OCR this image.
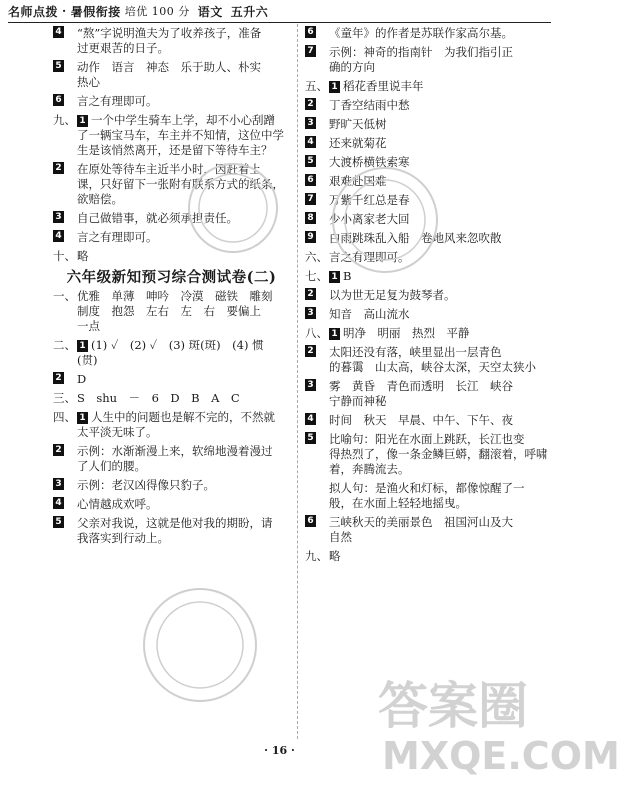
名师点拨 · 暑假衔接 培优 100 分 语文 五升六
4 “熬”字说明渔夫为了收养孩子，准备
过更艰苦的日子。
5 动作　语言　神态　乐于助人、朴实
热心
6 言之有理即可。
九、 1 一个中学生骑车上学，却不小心刮蹭
了一辆宝马车，车主并不知情，这位中学
生是该悄然离开，还是留下等待车主？
2 在原处等待车主近半小时，因赶着上
课，只好留下一张附有联系方式的纸条，
欲赔偿。
3 自己做错事，就必须承担责任。
4 言之有理即可。
十、 略
六年级新知预习综合测试卷(二)
一、 优雅　单薄　呻吟　冷漠　磁铁　雕刻
制度　抱怨　左右　左　右　要偏上
一点
二、 1 (1) ✓　(2) ✓　(3) 斑(斑)　(4) 惯
(贯)
2 D
三、 S　shu　－　6　D　B　A　C
四、 1 人生中的问题也是解不完的，不然就
太平淡无味了。
2 示例：水渐渐漫上来，软绵地漫着漫过
了人们的腰。
3 示例：老汉凶得像只豹子。
4 心情越成欢呼。
5 父亲对我说，这就是他对我的期盼，请
我落实到行动上。
6 《童年》的作者是苏联作家高尔基。
7 示例：神奇的指南针　为我们指引正
确的方向
五、 1 稻花香里说丰年
2 丁香空结雨中愁
3 野旷天低树
4 还来就菊花
5 大渡桥横铁索寒
6 艰难赴国难
7 万紫千红总是春
8 少小离家老大回
9 白雨跳珠乱入船　卷地风来忽吹散
六、 言之有理即可。
七、 1 B
2 以为世无足复为鼓琴者。
3 知音　高山流水
八、 1 明净　明丽　热烈　平静
2 太阳还没有落，峡里显出一层青色
的暮霭　山太高，峡谷太深，天空太狭小
3 雾　黄昏　青色而透明　长江　峡谷
宁静而神秘
4 时间　秋天　早晨、中午、下午、夜
5 比喻句：阳光在水面上跳跃，长江也变
得热烈了，像一条金鳞巨蟒，翻滚着，呼啸
着，奔腾流去。
拟人句：是渔火和灯标，都像惊醒了一
般，在水面上轻轻地摇曳。
6 三峡秋天的美丽景色　祖国河山及大
自然
九、 略
· 16 ·
答案圈
MXQE.COM
